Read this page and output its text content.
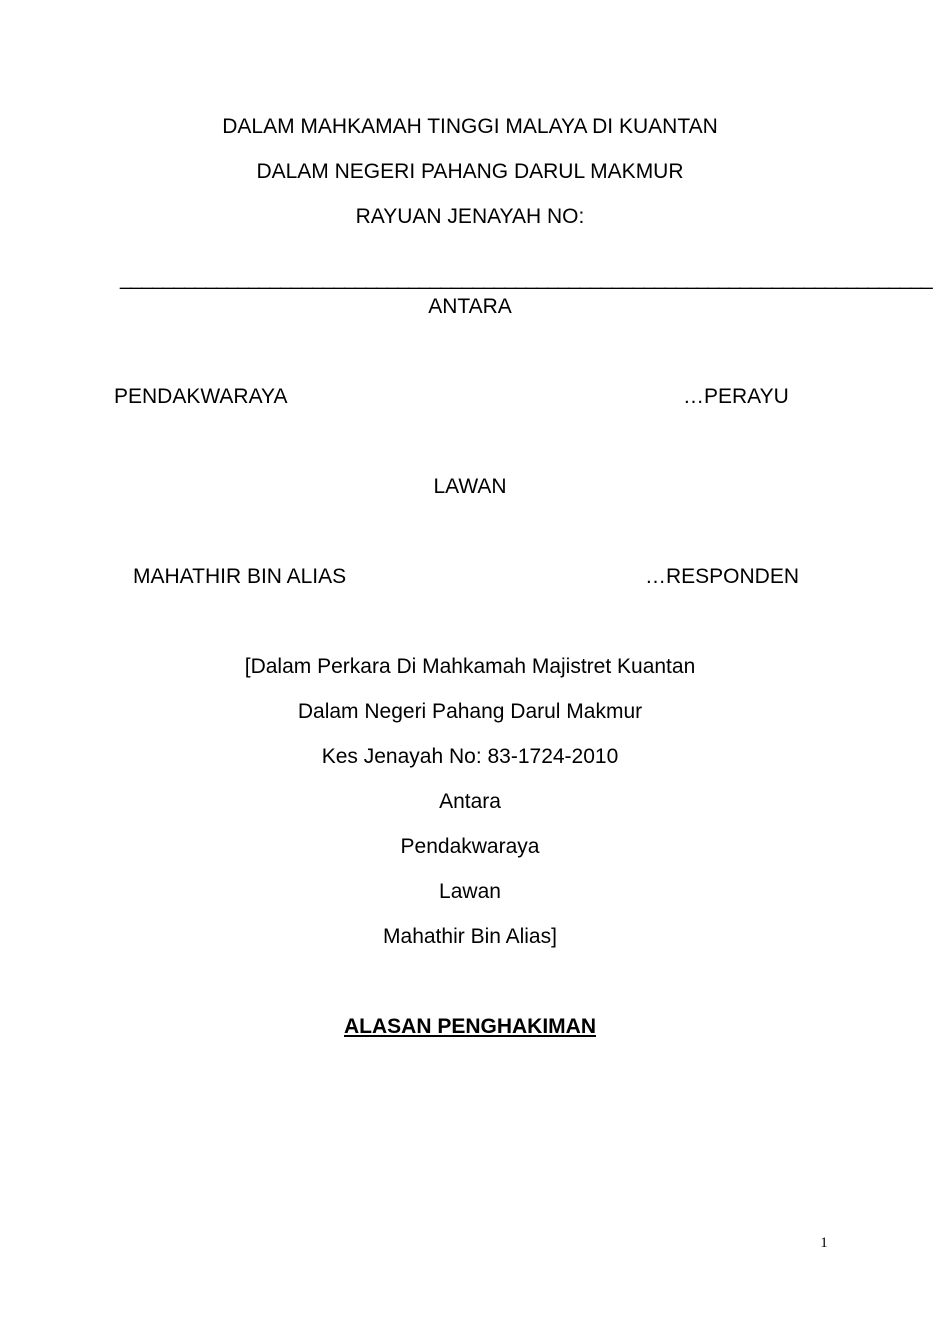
DALAM MAHKAMAH TINGGI MALAYA DI KUANTAN
DALAM NEGERI PAHANG DARUL MAKMUR
RAYUAN JENAYAH NO:
____________________________________________________________________________
ANTARA
PENDAKWARAYA	…PERAYU
LAWAN
MAHATHIR BIN ALIAS	…RESPONDEN
[Dalam Perkara Di Mahkamah Majistret Kuantan
Dalam Negeri Pahang Darul Makmur
Kes Jenayah No: 83-1724-2010
Antara
Pendakwaraya
Lawan
Mahathir Bin Alias]
ALASAN PENGHAKIMAN
1
